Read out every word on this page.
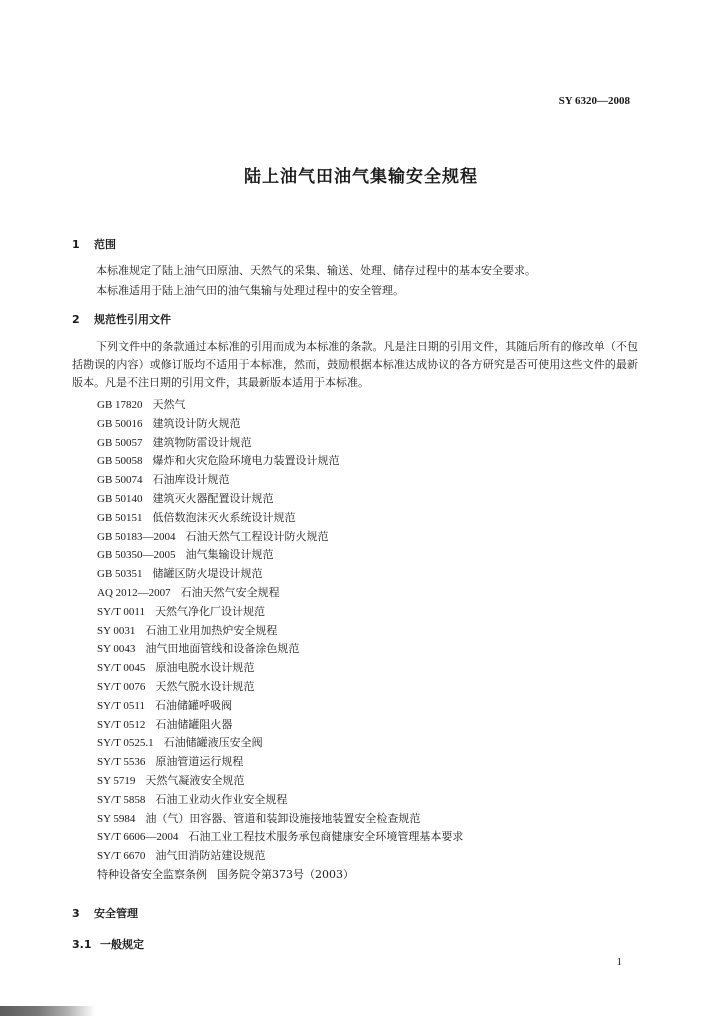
SY 6320—2008
陆上油气田油气集输安全规程
1 范围
本标准规定了陆上油气田原油、天然气的采集、输送、处理、储存过程中的基本安全要求。
本标准适用于陆上油气田的油气集输与处理过程中的安全管理。
2 规范性引用文件
下列文件中的条款通过本标准的引用而成为本标准的条款。凡是注日期的引用文件，其随后所有的修改单（不包括勘误的内容）或修订版均不适用于本标准，然而，鼓励根据本标准达成协议的各方研究是否可使用这些文件的最新版本。凡是不注日期的引用文件，其最新版本适用于本标准。
GB 17820 天然气
GB 50016 建筑设计防火规范
GB 50057 建筑物防雷设计规范
GB 50058 爆炸和火灾危险环境电力装置设计规范
GB 50074 石油库设计规范
GB 50140 建筑灭火器配置设计规范
GB 50151 低倍数泡沫灭火系统设计规范
GB 50183—2004 石油天然气工程设计防火规范
GB 50350—2005 油气集输设计规范
GB 50351 储罐区防火堤设计规范
AQ 2012—2007 石油天然气安全规程
SY/T 0011 天然气净化厂设计规范
SY 0031 石油工业用加热炉安全规程
SY 0043 油气田地面管线和设备涂色规范
SY/T 0045 原油电脱水设计规范
SY/T 0076 天然气脱水设计规范
SY/T 0511 石油储罐呼吸阀
SY/T 0512 石油储罐阻火器
SY/T 0525.1 石油储罐液压安全阀
SY/T 5536 原油管道运行规程
SY 5719 天然气凝液安全规范
SY/T 5858 石油工业动火作业安全规程
SY 5984 油（气）田容器、管道和装卸设施接地装置安全检查规范
SY/T 6606—2004 石油工业工程技术服务承包商健康安全环境管理基本要求
SY/T 6670 油气田消防站建设规范
特种设备安全监察条例 国务院令第373号（2003）
3 安全管理
3.1 一般规定
1
